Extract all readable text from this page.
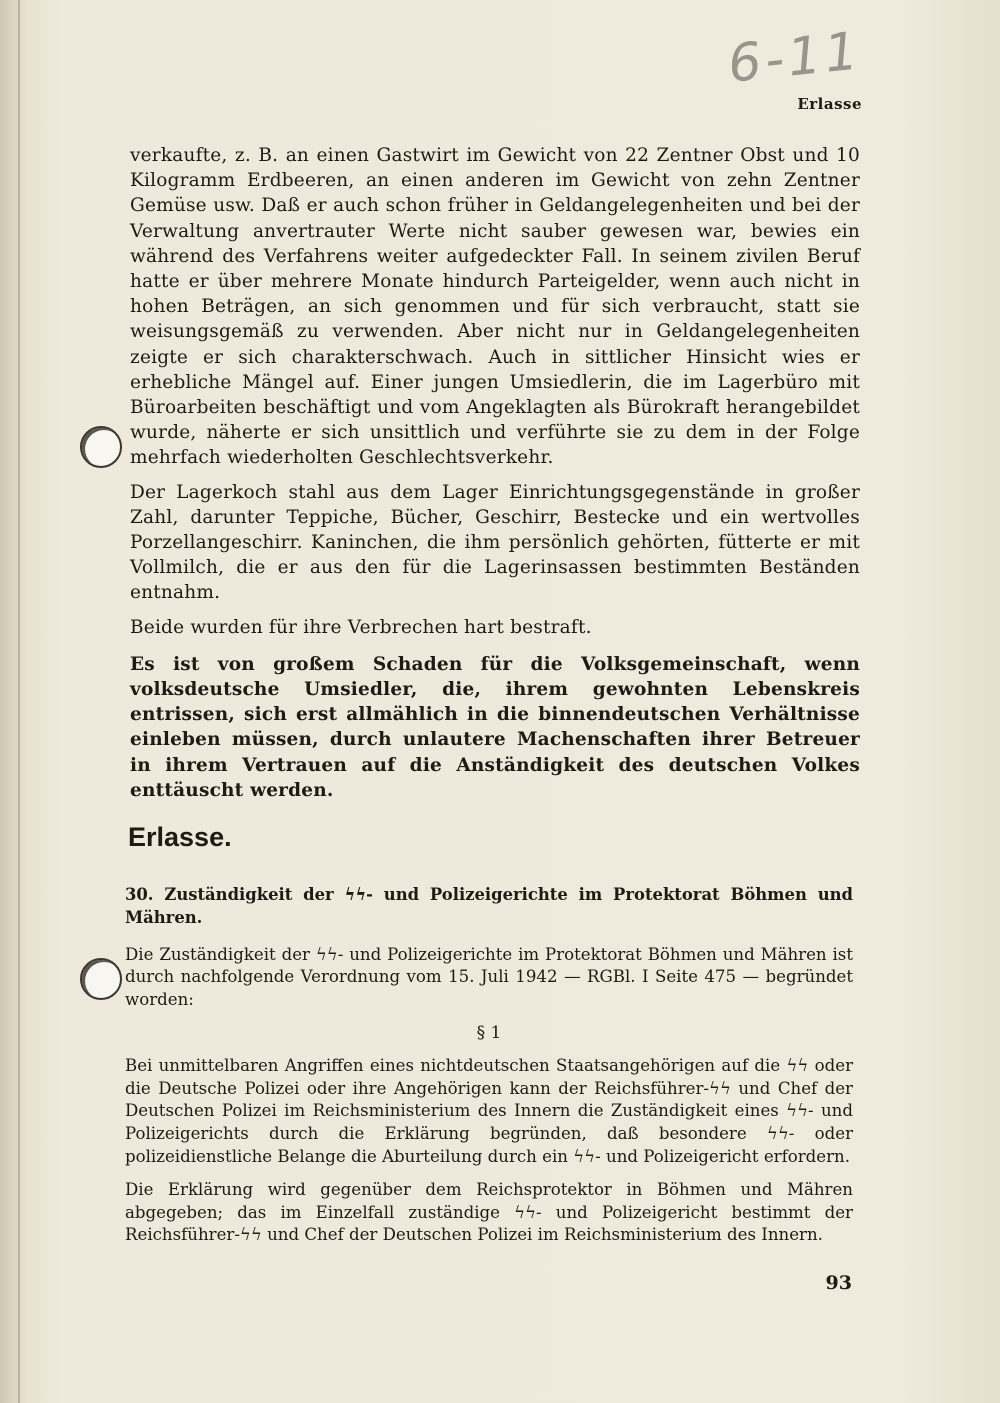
6-11
Erlasse

verkaufte, z. B. an einen Gastwirt im Gewicht von 22 Zentner Obst und 10 Kilogramm Erdbeeren, an einen anderen im Gewicht von zehn Zentner Gemüse usw. Daß er auch schon früher in Geldangelegenheiten und bei der Verwaltung anvertrauter Werte nicht sauber gewesen war, bewies ein während des Verfahrens weiter aufgedeckter Fall. In seinem zivilen Beruf hatte er über mehrere Monate hindurch Parteigelder, wenn auch nicht in hohen Beträgen, an sich genommen und für sich verbraucht, statt sie weisungsgemäß zu verwenden. Aber nicht nur in Geldangelegenheiten zeigte er sich charakterschwach. Auch in sittlicher Hinsicht wies er erhebliche Mängel auf. Einer jungen Umsiedlerin, die im Lagerbüro mit Büroarbeiten beschäftigt und vom Angeklagten als Bürokraft herangebildet wurde, näherte er sich unsittlich und verführte sie zu dem in der Folge mehrfach wiederholten Geschlechtsverkehr.

Der Lagerkoch stahl aus dem Lager Einrichtungsgegenstände in großer Zahl, darunter Teppiche, Bücher, Geschirr, Bestecke und ein wertvolles Porzellangeschirr. Kaninchen, die ihm persönlich gehörten, fütterte er mit Vollmilch, die er aus den für die Lagerinsassen bestimmten Beständen entnahm.

Beide wurden für ihre Verbrechen hart bestraft.

Es ist von großem Schaden für die Volksgemeinschaft, wenn volksdeutsche Umsiedler, die, ihrem gewohnten Lebenskreis entrissen, sich erst allmählich in die binnendeutschen Verhältnisse einleben müssen, durch unlautere Machenschaften ihrer Betreuer in ihrem Vertrauen auf die Anständigkeit des deutschen Volkes enttäuscht werden.

Erlasse.

30. Zuständigkeit der ϟϟ- und Polizeigerichte im Protektorat Böhmen und Mähren.

Die Zuständigkeit der ϟϟ- und Polizeigerichte im Protektorat Böhmen und Mähren ist durch nachfolgende Verordnung vom 15. Juli 1942 — RGBl. I Seite 475 — begründet worden:

§ 1

Bei unmittelbaren Angriffen eines nichtdeutschen Staatsangehörigen auf die ϟϟ oder die Deutsche Polizei oder ihre Angehörigen kann der Reichsführer-ϟϟ und Chef der Deutschen Polizei im Reichsministerium des Innern die Zuständigkeit eines ϟϟ- und Polizeigerichts durch die Erklärung begründen, daß besondere ϟϟ- oder polizeidienstliche Belange die Aburteilung durch ein ϟϟ- und Polizeigericht erfordern.

Die Erklärung wird gegenüber dem Reichsprotektor in Böhmen und Mähren abgegeben; das im Einzelfall zuständige ϟϟ- und Polizeigericht bestimmt der Reichsführer-ϟϟ und Chef der Deutschen Polizei im Reichsministerium des Innern.

93
